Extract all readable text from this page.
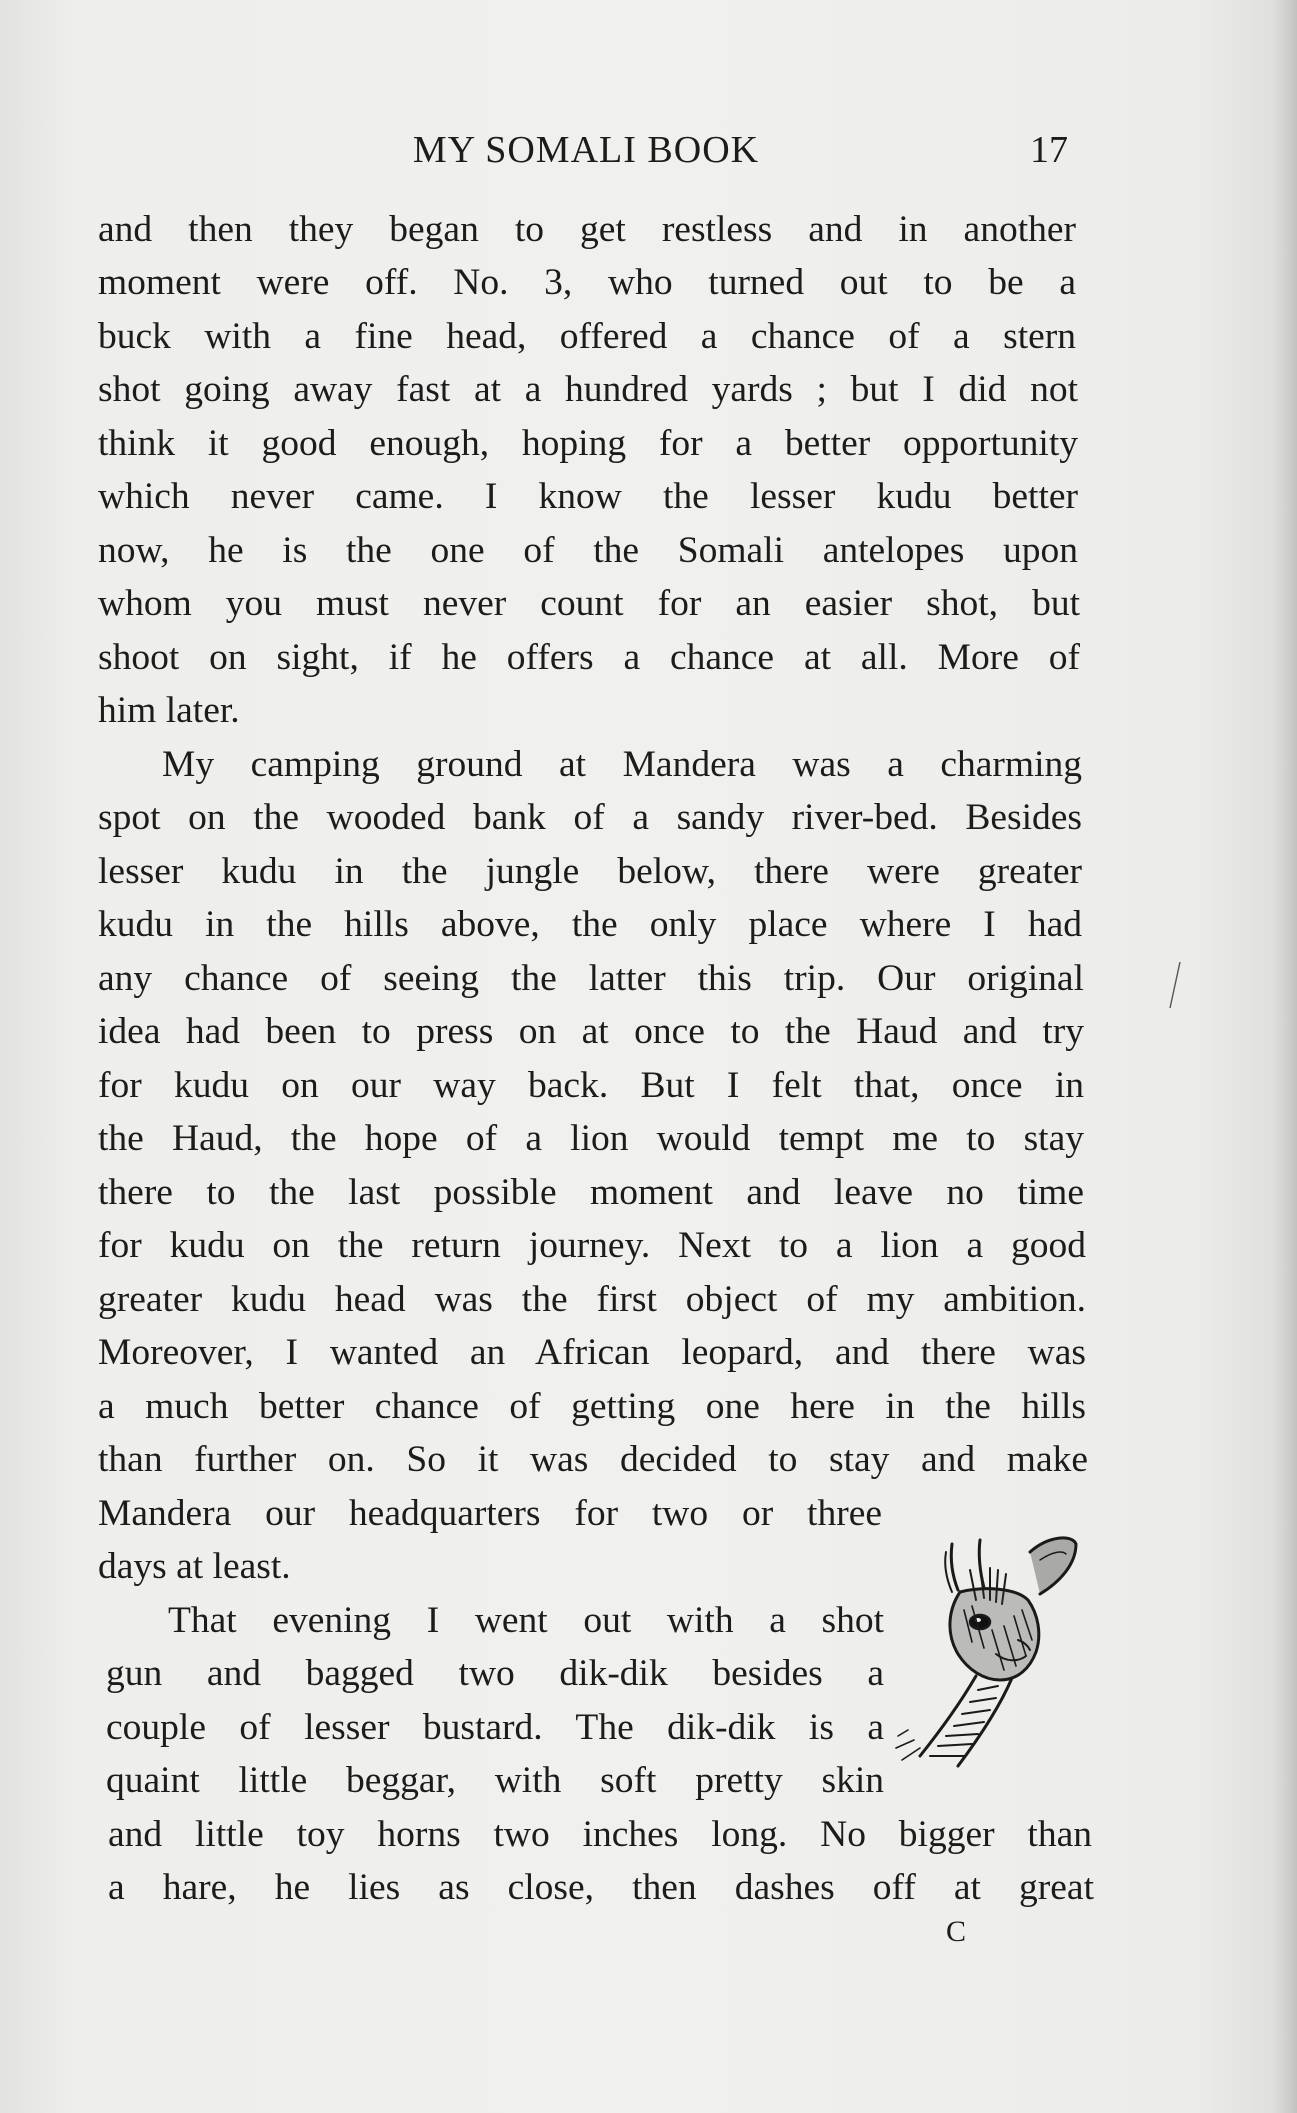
MY SOMALI BOOK	17
and then they began to get restless and in another
moment were off. No. 3, who turned out to be a
buck with a fine head, offered a chance of a stern
shot going away fast at a hundred yards ; but I did not
think it good enough, hoping for a better opportunity
which never came. I know the lesser kudu better
now, he is the one of the Somali antelopes upon
whom you must never count for an easier shot, but
shoot on sight, if he offers a chance at all. More of
him later.
My camping ground at Mandera was a charming
spot on the wooded bank of a sandy river-bed. Besides
lesser kudu in the jungle below, there were greater
kudu in the hills above, the only place where I had
any chance of seeing the latter this trip. Our original
idea had been to press on at once to the Haud and try
for kudu on our way back. But I felt that, once in
the Haud, the hope of a lion would tempt me to stay
there to the last possible moment and leave no time
for kudu on the return journey. Next to a lion a good
greater kudu head was the first object of my ambition.
Moreover, I wanted an African leopard, and there was
a much better chance of getting one here in the hills
than further on. So it was decided to stay and make
Mandera our headquarters for two or three
days at least.
That evening I went out with a shot
gun and bagged two dik-dik besides a
couple of lesser bustard. The dik-dik is a
quaint little beggar, with soft pretty skin
and little toy horns two inches long. No bigger than
a hare, he lies as close, then dashes off at great
C
